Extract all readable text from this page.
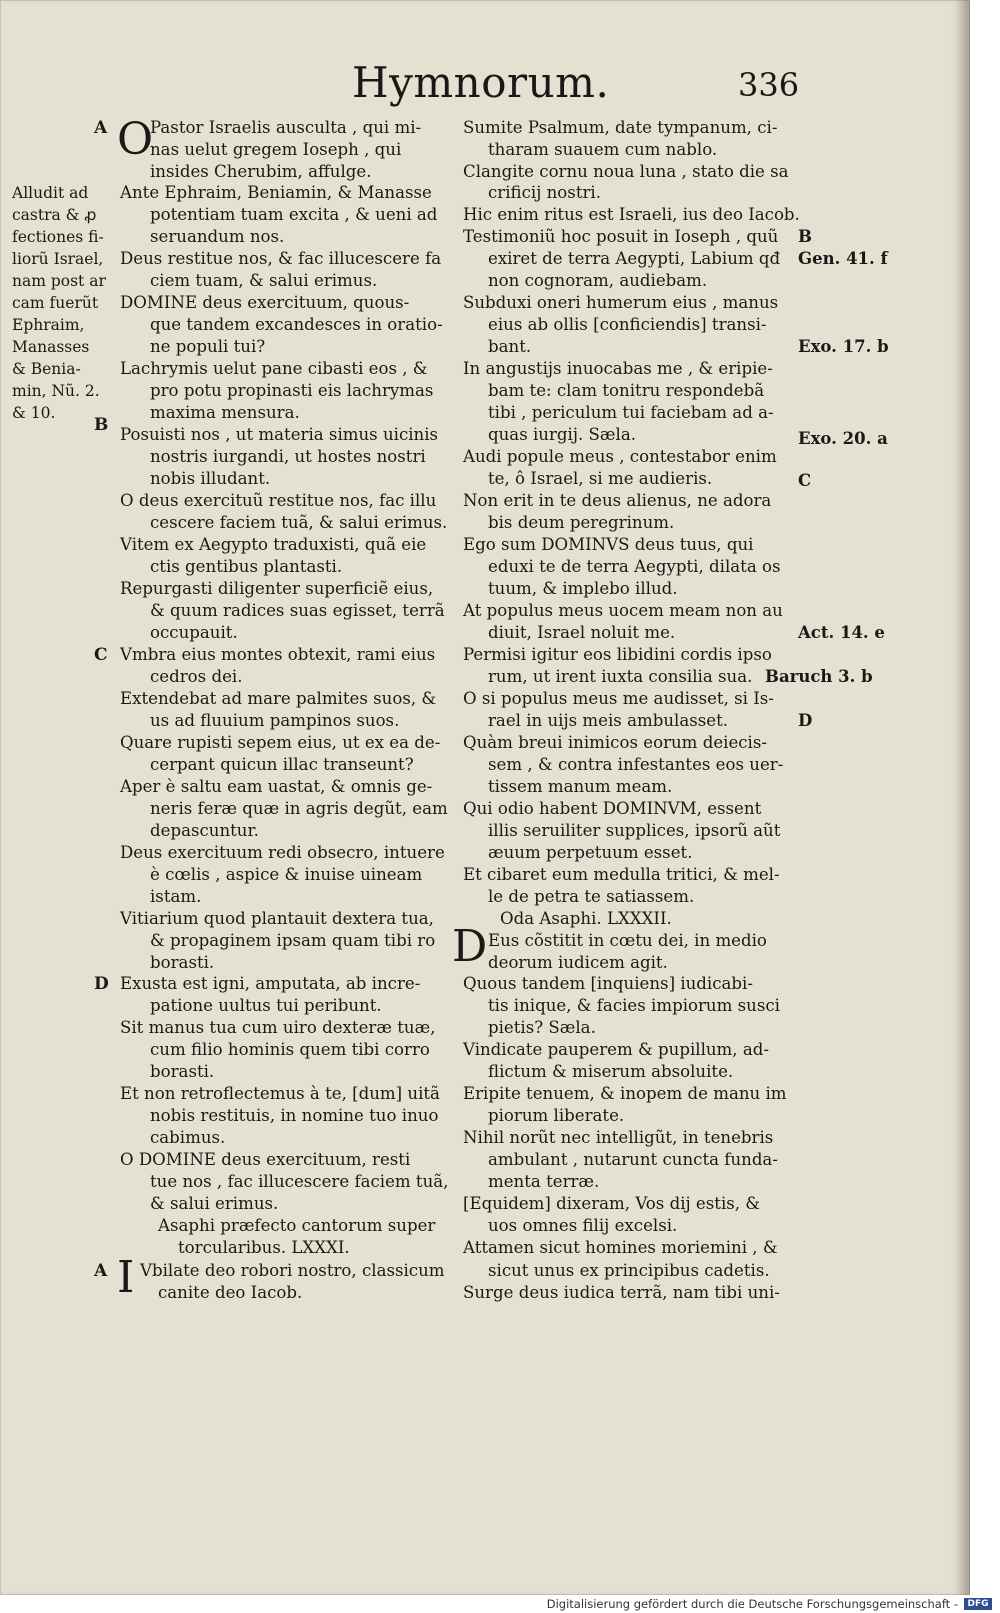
Hymnorum.	336
A
B
C
D
A
O
I
D
Alludit ad
castra & ꝓ
fectiones fi-
liorũ Israel,
nam post ar
cam fuerũt
Ephraim,
Manasses
& Benia-
min, Nũ. 2.
& 10.
Pastor Israelis ausculta , qui mi-
nas uelut gregem Ioseph , qui
insides Cherubim, affulge.
Ante Ephraim, Beniamin, & Manasse
potentiam tuam excita , & ueni ad
seruandum nos.
Deus restitue nos, & fac illucescere fa
ciem tuam, & salui erimus.
DOMINE deus exercituum, quous-
que tandem excandesces in oratio-
ne populi tui?
Lachrymis uelut pane cibasti eos , &
pro potu propinasti eis lachrymas
maxima mensura.
Posuisti nos , ut materia simus uicinis
nostris iurgandi, ut hostes nostri
nobis illudant.
O deus exercituũ restitue nos, fac illu
cescere faciem tuã, & salui erimus.
Vitem ex Aegypto traduxisti, quã eie
ctis gentibus plantasti.
Repurgasti diligenter superficiẽ eius,
& quum radices suas egisset, terrã
occupauit.
Vmbra eius montes obtexit, rami eius
cedros dei.
Extendebat ad mare palmites suos, &
us ad fluuium pampinos suos.
Quare rupisti sepem eius, ut ex ea de-
cerpant quicun illac transeunt?
Aper è saltu eam uastat, & omnis ge-
neris feræ quæ in agris degũt, eam
depascuntur.
Deus exercituum redi obsecro, intuere
è cœlis , aspice & inuise uineam
istam.
Vitiarium quod plantauit dextera tua,
& propaginem ipsam quam tibi ro
borasti.
Exusta est igni, amputata, ab incre-
patione uultus tui peribunt.
Sit manus tua cum uiro dexteræ tuæ,
cum filio hominis quem tibi corro
borasti.
Et non retroflectemus à te, [dum] uitã
nobis restituis, in nomine tuo inuo
cabimus.
O DOMINE deus exercituum, resti
tue nos , fac illucescere faciem tuã,
& salui erimus.
Asaphi præfecto cantorum super
torcularibus. LXXXI.
Vbilate deo robori nostro, classicum
canite deo Iacob.
Sumite Psalmum, date tympanum, ci-
tharam suauem cum nablo.
Clangite cornu noua luna , stato die sa
crificij nostri.
Hic enim ritus est Israeli, ius deo Iacob.
Testimoniũ hoc posuit in Ioseph , quũ
exiret de terra Aegypti, Labium qđ
non cognoram, audiebam.
Subduxi oneri humerum eius , manus
eius ab ollis [conficiendis] transi-
bant.
In angustijs inuocabas me , & eripie-
bam te: clam tonitru respondebã
tibi , periculum tui faciebam ad a-
quas iurgij. Sæla.
Audi popule meus , contestabor enim
te, ô Israel, si me audieris.
Non erit in te deus alienus, ne adora
bis deum peregrinum.
Ego sum DOMINVS deus tuus, qui
eduxi te de terra Aegypti, dilata os
tuum, & implebo illud.
At populus meus uocem meam non au
diuit, Israel noluit me.
Permisi igitur eos libidini cordis ipso
rum, ut irent iuxta consilia sua.
O si populus meus me audisset, si Is-
rael in uijs meis ambulasset.
Quàm breui inimicos eorum deiecis-
sem , & contra infestantes eos uer-
tissem manum meam.
Qui odio habent DOMINVM, essent
illis seruiliter supplices, ipsorũ aũt
æuum perpetuum esset.
Et cibaret eum medulla tritici, & mel-
le de petra te satiassem.
Oda Asaphi. LXXXII.
Eus cõstitit in cœtu dei, in medio
deorum iudicem agit.
Quous tandem [inquiens] iudicabi-
tis inique, & facies impiorum susci
pietis? Sæla.
Vindicate pauperem & pupillum, ad-
flictum & miserum absoluite.
Eripite tenuem, & inopem de manu im
piorum liberate.
Nihil norũt nec intelligũt, in tenebris
ambulant , nutarunt cuncta funda-
menta terræ.
[Equidem] dixeram, Vos dij estis, &
uos omnes filij excelsi.
Attamen sicut homines moriemini , &
sicut unus ex principibus cadetis.
Surge deus iudica terrã, nam tibi uni-
B
Gen. 41. f
Exo. 17. b
Exo. 20. a
C
Act. 14. e
Baruch 3. b
D
Digitalisierung gefördert durch die Deutsche Forschungsgemeinschaft -	DFG
